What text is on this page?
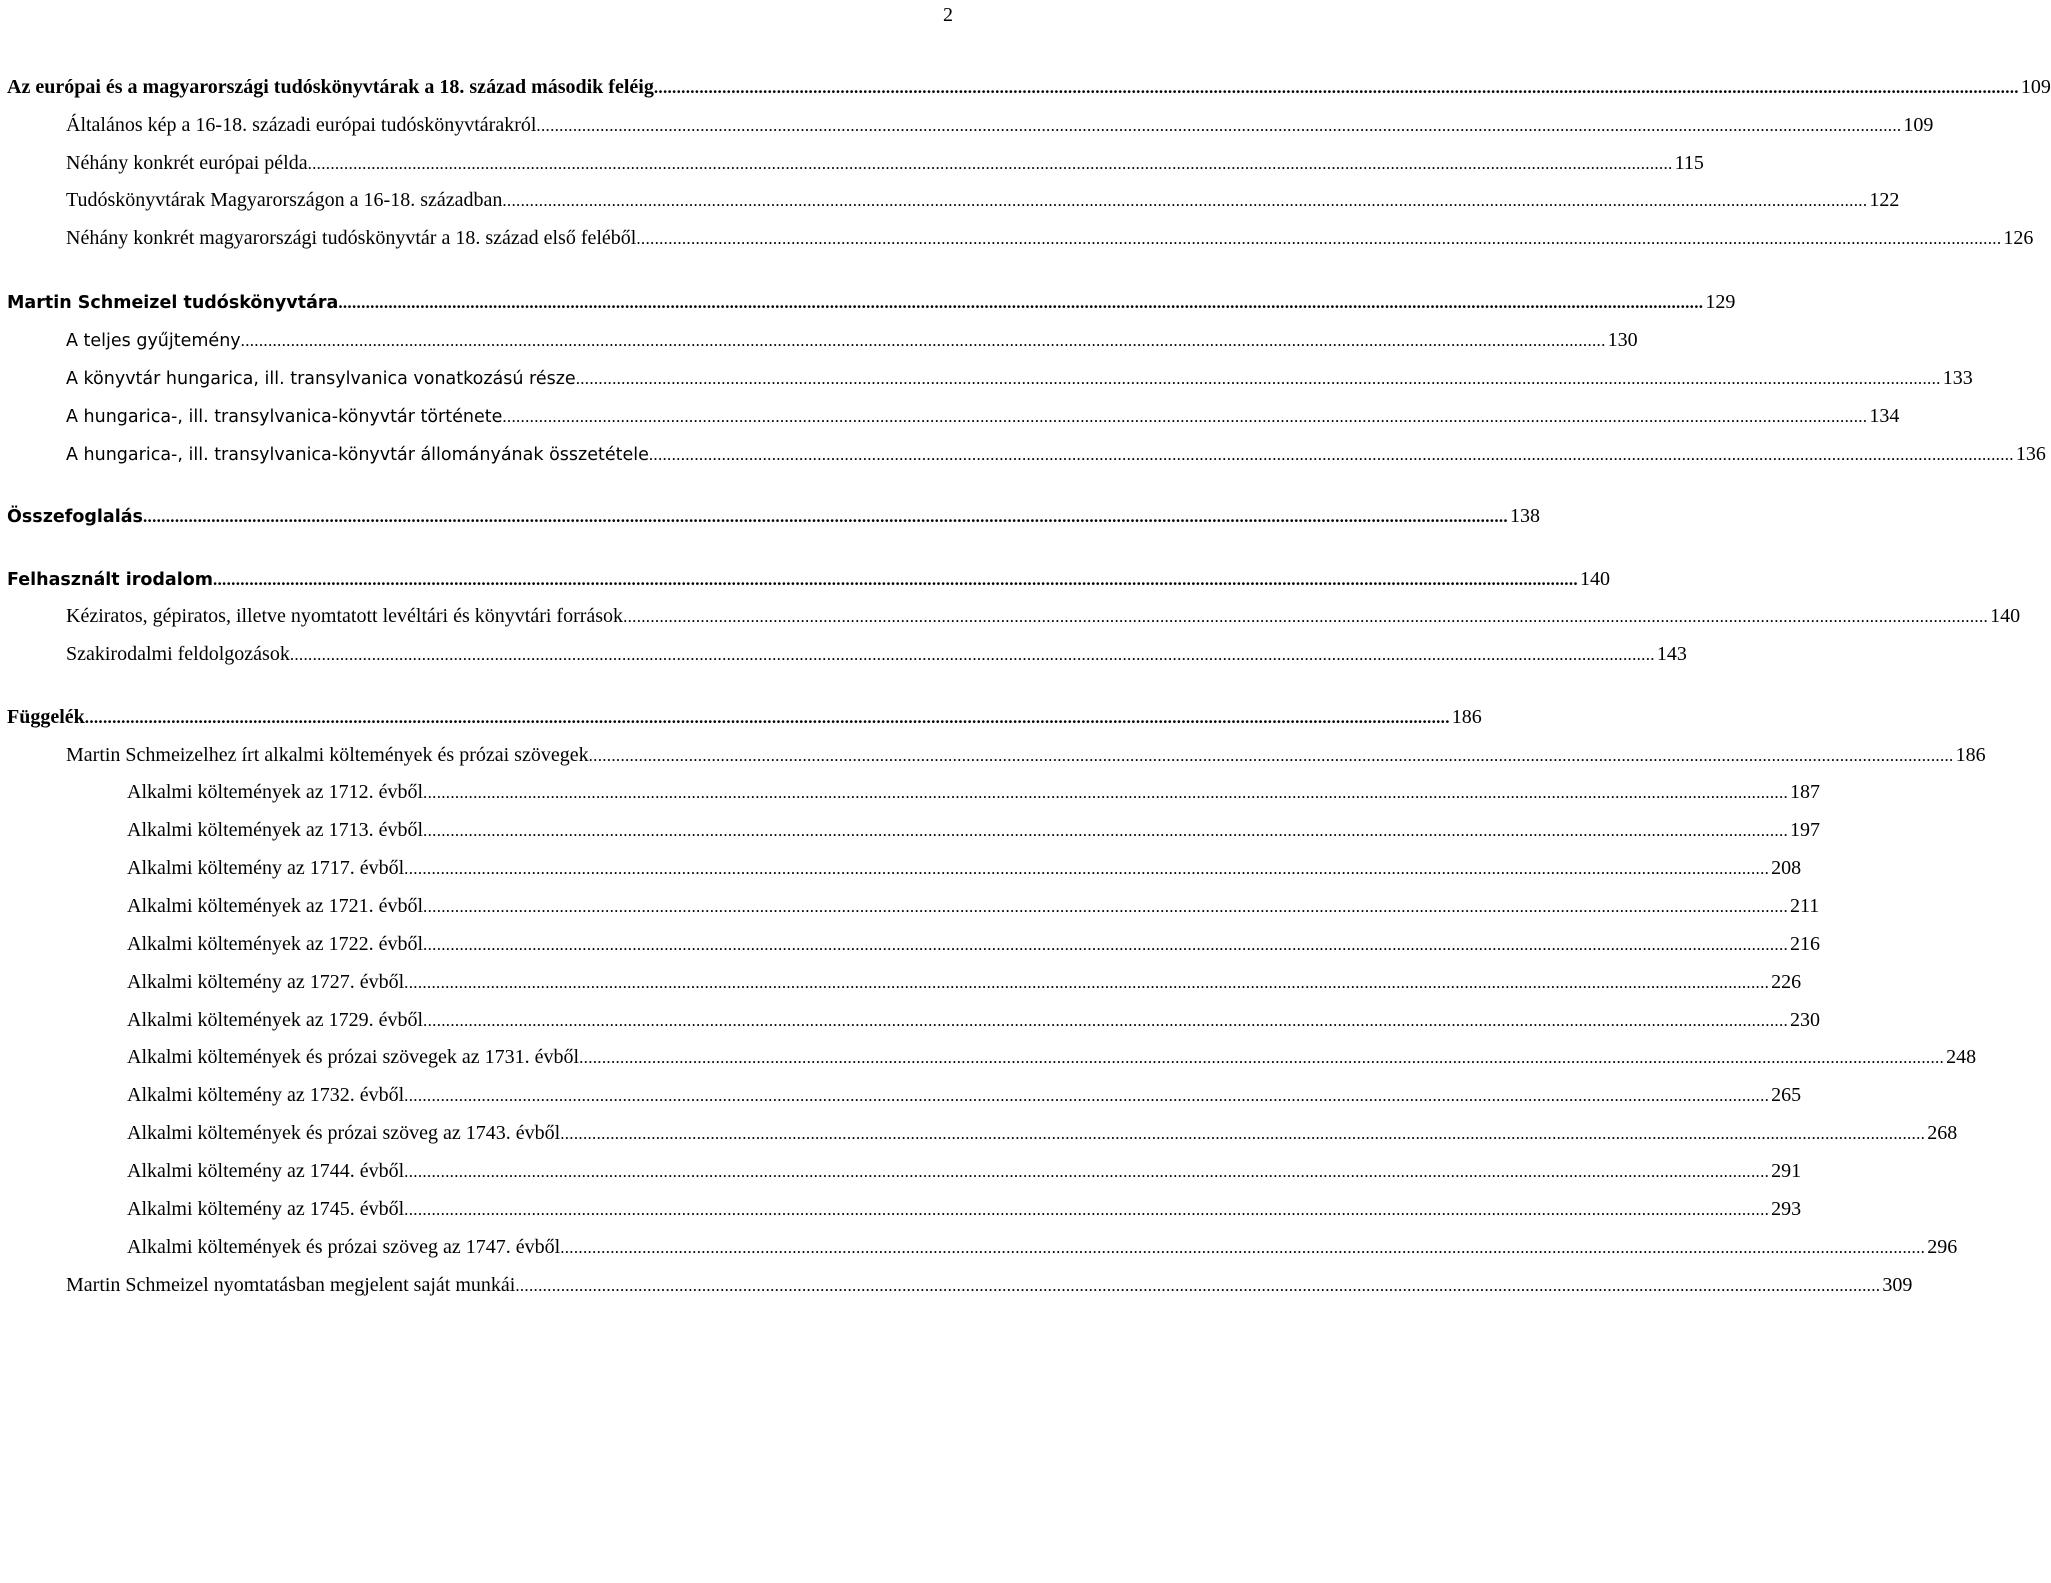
2
Az európai és a magyarországi tudóskönyvtárak a 18. század második feléig ............................................................................................................................................................................................................................................................................................................ 109
Általános kép a 16-18. századi európai tudóskönyvtárakról ............................................................................................................................................................................................................................................................................................................ 109
Néhány konkrét európai példa ............................................................................................................................................................................................................................................................................................................ 115
Tudóskönyvtárak Magyarországon a 16-18. században ............................................................................................................................................................................................................................................................................................................ 122
Néhány konkrét magyarországi tudóskönyvtár a 18. század első feléből ............................................................................................................................................................................................................................................................................................................ 126
Martin Schmeizel tudóskönyvtára ............................................................................................................................................................................................................................................................................................................ 129
A teljes gyűjtemény ............................................................................................................................................................................................................................................................................................................ 130
A könyvtár hungarica, ill. transylvanica vonatkozású része ............................................................................................................................................................................................................................................................................................................ 133
A hungarica-, ill. transylvanica-könyvtár története ............................................................................................................................................................................................................................................................................................................ 134
A hungarica-, ill. transylvanica-könyvtár állományának összetétele ............................................................................................................................................................................................................................................................................................................ 136
Összefoglalás ............................................................................................................................................................................................................................................................................................................ 138
Felhasznált irodalom ............................................................................................................................................................................................................................................................................................................ 140
Kéziratos, gépiratos, illetve nyomtatott levéltári és könyvtári források ............................................................................................................................................................................................................................................................................................................ 140
Szakirodalmi feldolgozások ............................................................................................................................................................................................................................................................................................................ 143
Függelék ............................................................................................................................................................................................................................................................................................................ 186
Martin Schmeizelhez írt alkalmi költemények és prózai szövegek ............................................................................................................................................................................................................................................................................................................ 186
Alkalmi költemények az 1712. évből ............................................................................................................................................................................................................................................................................................................ 187
Alkalmi költemények az 1713. évből ............................................................................................................................................................................................................................................................................................................ 197
Alkalmi költemény az 1717. évből ............................................................................................................................................................................................................................................................................................................ 208
Alkalmi költemények az 1721. évből ............................................................................................................................................................................................................................................................................................................ 211
Alkalmi költemények az 1722. évből ............................................................................................................................................................................................................................................................................................................ 216
Alkalmi költemény az 1727. évből ............................................................................................................................................................................................................................................................................................................ 226
Alkalmi költemények az 1729. évből ............................................................................................................................................................................................................................................................................................................ 230
Alkalmi költemények és prózai szövegek az 1731. évből ............................................................................................................................................................................................................................................................................................................ 248
Alkalmi költemény az 1732. évből ............................................................................................................................................................................................................................................................................................................ 265
Alkalmi költemények és prózai szöveg az 1743. évből ............................................................................................................................................................................................................................................................................................................ 268
Alkalmi költemény az 1744. évből ............................................................................................................................................................................................................................................................................................................ 291
Alkalmi költemény az 1745. évből ............................................................................................................................................................................................................................................................................................................ 293
Alkalmi költemények és prózai szöveg az 1747. évből ............................................................................................................................................................................................................................................................................................................ 296
Martin Schmeizel nyomtatásban megjelent saját munkái ............................................................................................................................................................................................................................................................................................................ 309
